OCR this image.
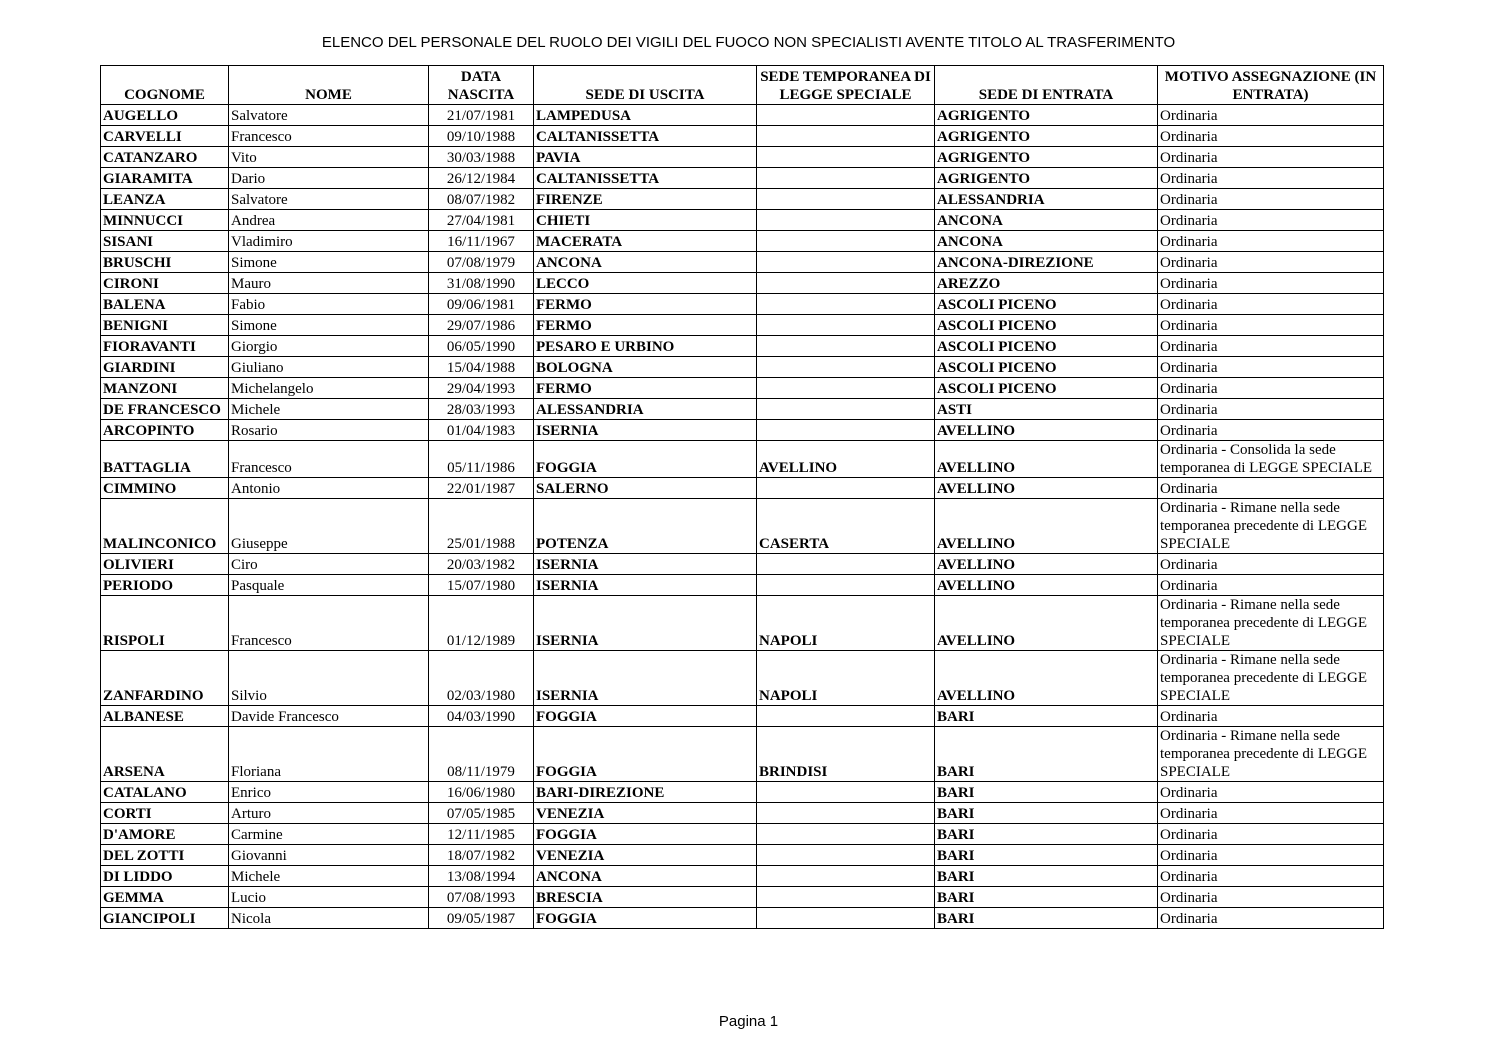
ELENCO DEL PERSONALE DEL RUOLO DEI VIGILI DEL FUOCO NON SPECIALISTI AVENTE TITOLO AL TRASFERIMENTO
COGNOME	NOME	DATA NASCITA	SEDE DI USCITA	SEDE TEMPORANEA DI LEGGE SPECIALE	SEDE DI ENTRATA	MOTIVO ASSEGNAZIONE (IN ENTRATA)
AUGELLO	Salvatore	21/07/1981	LAMPEDUSA		AGRIGENTO	Ordinaria
CARVELLI	Francesco	09/10/1988	CALTANISSETTA		AGRIGENTO	Ordinaria
CATANZARO	Vito	30/03/1988	PAVIA		AGRIGENTO	Ordinaria
GIARAMITA	Dario	26/12/1984	CALTANISSETTA		AGRIGENTO	Ordinaria
LEANZA	Salvatore	08/07/1982	FIRENZE		ALESSANDRIA	Ordinaria
MINNUCCI	Andrea	27/04/1981	CHIETI		ANCONA	Ordinaria
SISANI	Vladimiro	16/11/1967	MACERATA		ANCONA	Ordinaria
BRUSCHI	Simone	07/08/1979	ANCONA		ANCONA-DIREZIONE	Ordinaria
CIRONI	Mauro	31/08/1990	LECCO		AREZZO	Ordinaria
BALENA	Fabio	09/06/1981	FERMO		ASCOLI PICENO	Ordinaria
BENIGNI	Simone	29/07/1986	FERMO		ASCOLI PICENO	Ordinaria
FIORAVANTI	Giorgio	06/05/1990	PESARO E URBINO		ASCOLI PICENO	Ordinaria
GIARDINI	Giuliano	15/04/1988	BOLOGNA		ASCOLI PICENO	Ordinaria
MANZONI	Michelangelo	29/04/1993	FERMO		ASCOLI PICENO	Ordinaria
DE FRANCESCO	Michele	28/03/1993	ALESSANDRIA		ASTI	Ordinaria
ARCOPINTO	Rosario	01/04/1983	ISERNIA		AVELLINO	Ordinaria
BATTAGLIA	Francesco	05/11/1986	FOGGIA	AVELLINO	AVELLINO	Ordinaria - Consolida la sede temporanea di LEGGE SPECIALE
CIMMINO	Antonio	22/01/1987	SALERNO		AVELLINO	Ordinaria
MALINCONICO	Giuseppe	25/01/1988	POTENZA	CASERTA	AVELLINO	Ordinaria - Rimane nella sede temporanea precedente di LEGGE SPECIALE
OLIVIERI	Ciro	20/03/1982	ISERNIA		AVELLINO	Ordinaria
PERIODO	Pasquale	15/07/1980	ISERNIA		AVELLINO	Ordinaria
RISPOLI	Francesco	01/12/1989	ISERNIA	NAPOLI	AVELLINO	Ordinaria - Rimane nella sede temporanea precedente di LEGGE SPECIALE
ZANFARDINO	Silvio	02/03/1980	ISERNIA	NAPOLI	AVELLINO	Ordinaria - Rimane nella sede temporanea precedente di LEGGE SPECIALE
ALBANESE	Davide Francesco	04/03/1990	FOGGIA		BARI	Ordinaria
ARSENA	Floriana	08/11/1979	FOGGIA	BRINDISI	BARI	Ordinaria - Rimane nella sede temporanea precedente di LEGGE SPECIALE
CATALANO	Enrico	16/06/1980	BARI-DIREZIONE		BARI	Ordinaria
CORTI	Arturo	07/05/1985	VENEZIA		BARI	Ordinaria
D'AMORE	Carmine	12/11/1985	FOGGIA		BARI	Ordinaria
DEL ZOTTI	Giovanni	18/07/1982	VENEZIA		BARI	Ordinaria
DI LIDDO	Michele	13/08/1994	ANCONA		BARI	Ordinaria
GEMMA	Lucio	07/08/1993	BRESCIA		BARI	Ordinaria
GIANCIPOLI	Nicola	09/05/1987	FOGGIA		BARI	Ordinaria
Pagina 1
